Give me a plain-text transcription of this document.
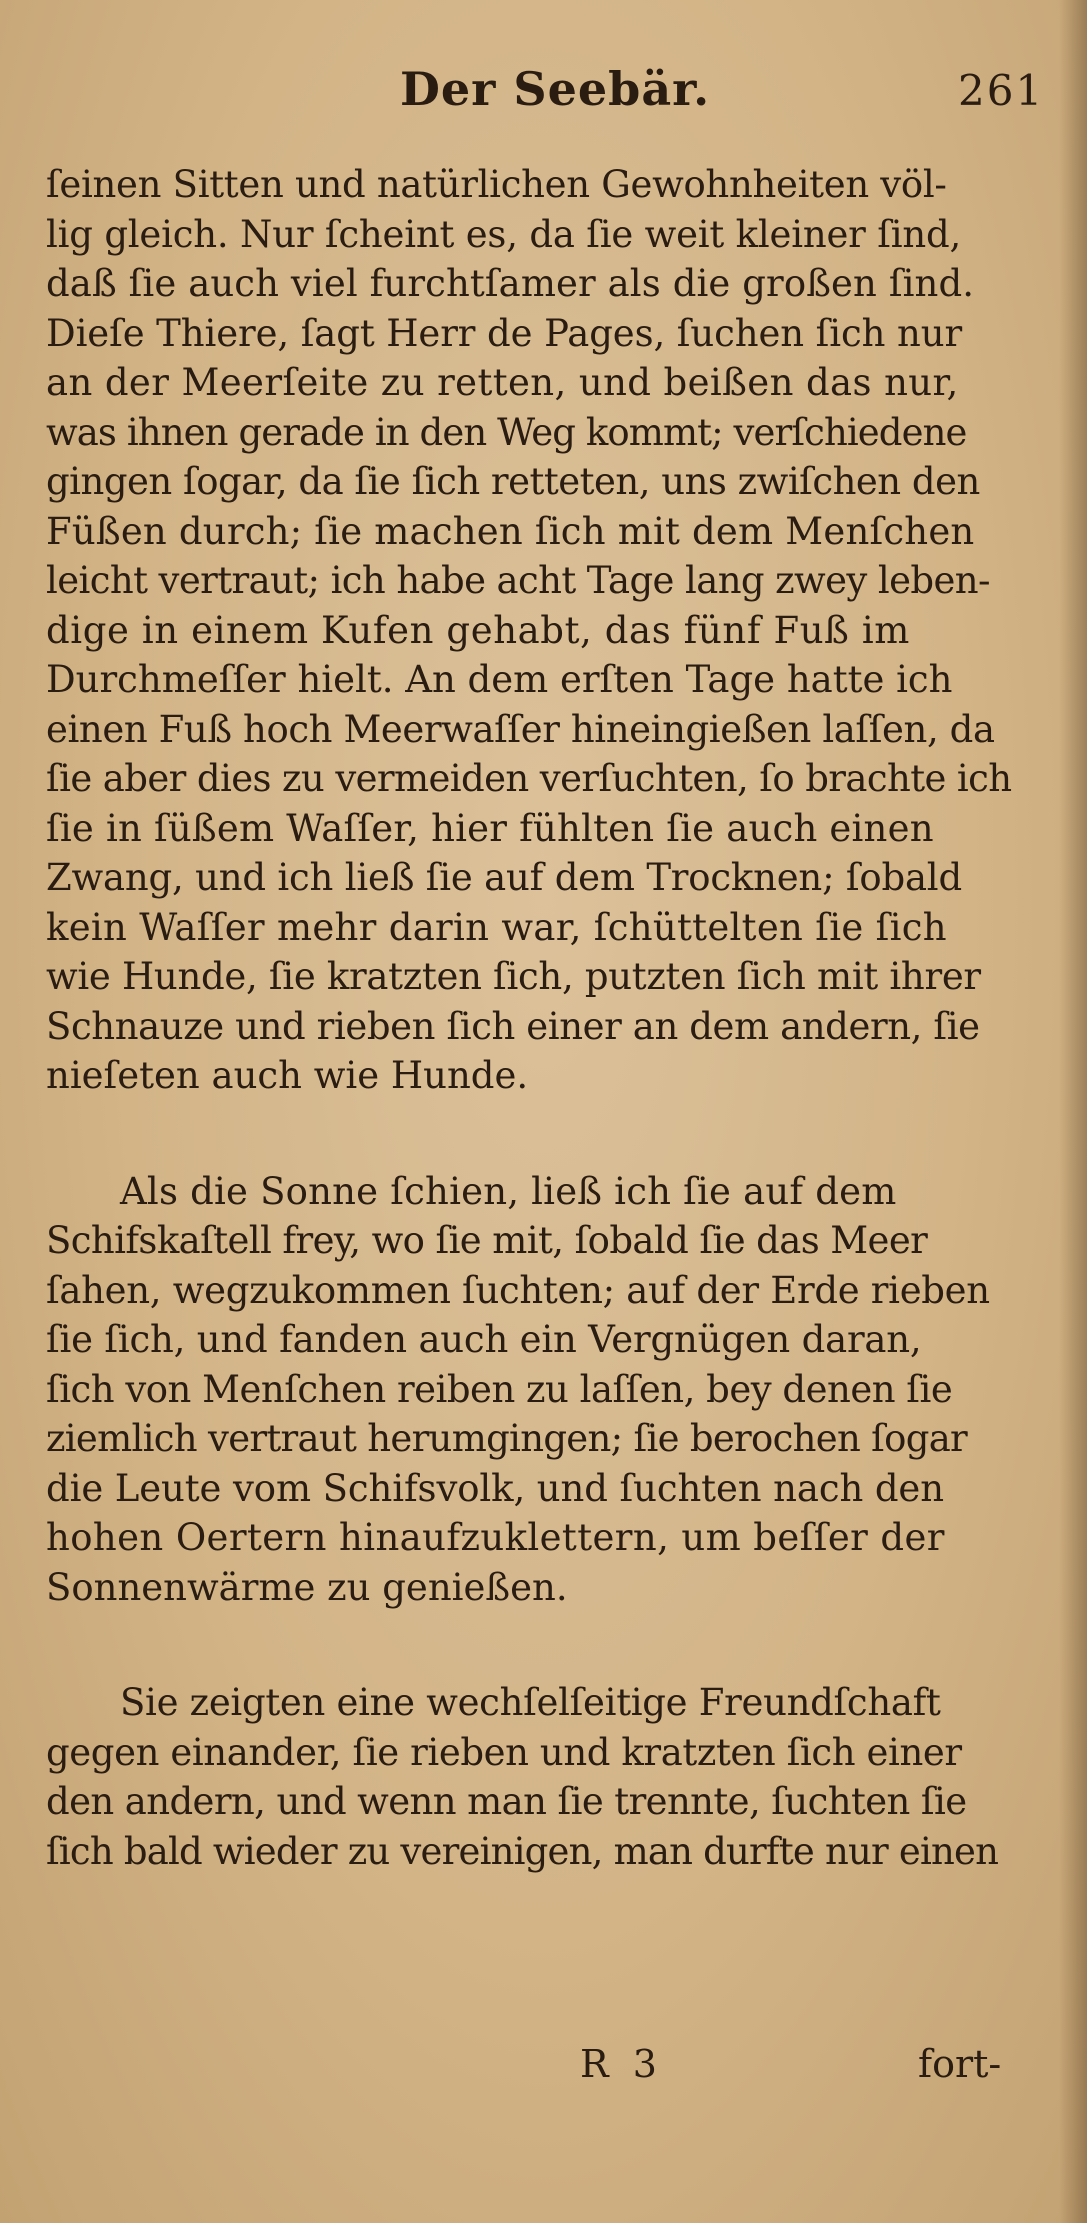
Der Seebär.	261
ſeinen Sitten und natürlichen Gewohnheiten völ-
lig gleich. Nur ſcheint es, da ſie weit kleiner ſind,
daß ſie auch viel furchtſamer als die großen ſind.
Dieſe Thiere, ſagt Herr de Pages, ſuchen ſich nur
an der Meerſeite zu retten, und beißen das nur,
was ihnen gerade in den Weg kommt; verſchiedene
gingen ſogar, da ſie ſich retteten, uns zwiſchen den
Füßen durch; ſie machen ſich mit dem Menſchen
leicht vertraut; ich habe acht Tage lang zwey leben-
dige in einem Kufen gehabt, das fünf Fuß im
Durchmeſſer hielt. An dem erſten Tage hatte ich
einen Fuß hoch Meerwaſſer hineingießen laſſen, da
ſie aber dies zu vermeiden verſuchten, ſo brachte ich
ſie in ſüßem Waſſer, hier fühlten ſie auch einen
Zwang, und ich ließ ſie auf dem Trocknen; ſobald
kein Waſſer mehr darin war, ſchüttelten ſie ſich
wie Hunde, ſie kratzten ſich, putzten ſich mit ihrer
Schnauze und rieben ſich einer an dem andern, ſie
nieſeten auch wie Hunde.
Als die Sonne ſchien, ließ ich ſie auf dem
Schifskaſtell frey, wo ſie mit, ſobald ſie das Meer
ſahen, wegzukommen ſuchten; auf der Erde rieben
ſie ſich, und fanden auch ein Vergnügen daran,
ſich von Menſchen reiben zu laſſen, bey denen ſie
ziemlich vertraut herumgingen; ſie berochen ſogar
die Leute vom Schifsvolk, und ſuchten nach den
hohen Oertern hinaufzuklettern, um beſſer der
Sonnenwärme zu genießen.
Sie zeigten eine wechſelſeitige Freundſchaft
gegen einander, ſie rieben und kratzten ſich einer
den andern, und wenn man ſie trennte, ſuchten ſie
ſich bald wieder zu vereinigen, man durfte nur einen
R 3	fort-
